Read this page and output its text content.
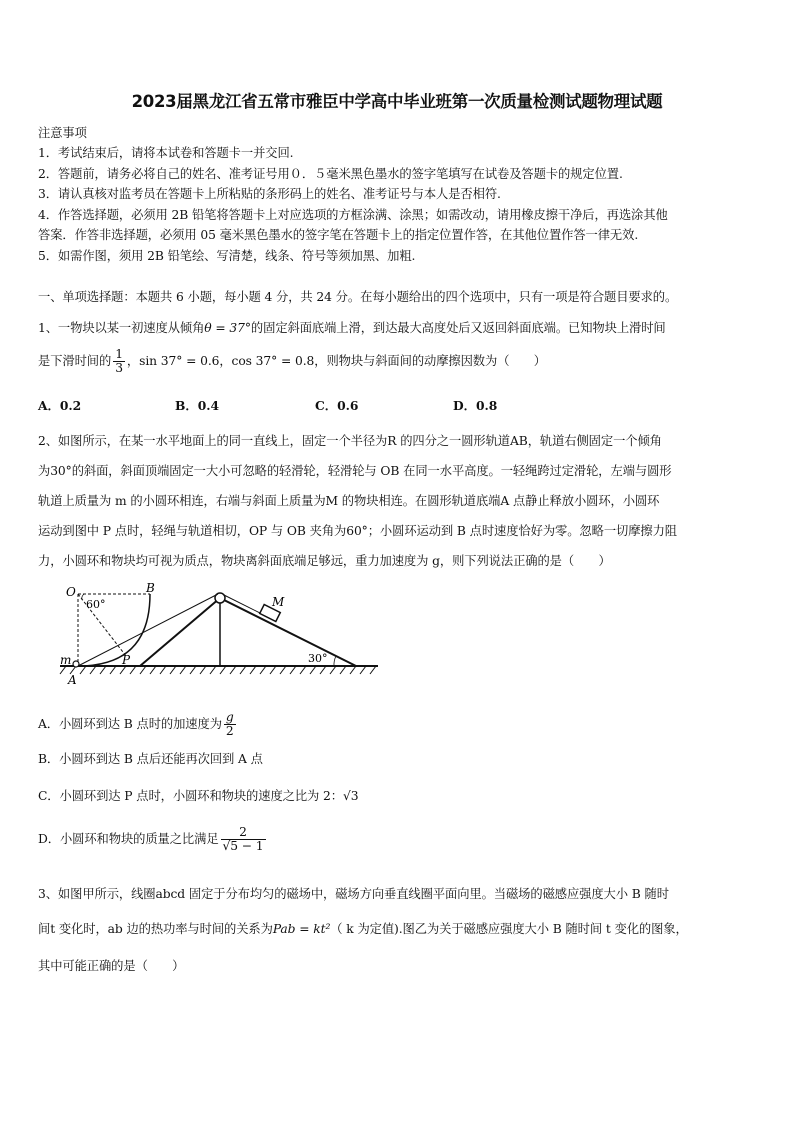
2023届黑龙江省五常市雅臣中学高中毕业班第一次质量检测试题物理试题
注意事项
1．考试结束后，请将本试卷和答题卡一并交回.
2．答题前，请务必将自己的姓名、准考证号用０．５毫米黑色墨水的签字笔填写在试卷及答题卡的规定位置.
3．请认真核对监考员在答题卡上所粘贴的条形码上的姓名、准考证号与本人是否相符.
4．作答选择题，必须用 2B 铅笔将答题卡上对应选项的方框涂满、涂黑；如需改动，请用橡皮擦干净后，再选涂其他
答案．作答非选择题，必须用 05 毫米黑色墨水的签字笔在答题卡上的指定位置作答，在其他位置作答一律无效.
5．如需作图，须用 2B 铅笔绘、写清楚，线条、符号等须加黑、加粗.
一、单项选择题：本题共 6 小题，每小题 4 分，共 24 分。在每小题给出的四个选项中，只有一项是符合题目要求的。
1、一物块以某一初速度从倾角θ = 37°的固定斜面底端上滑，到达最大高度处后又返回斜面底端。已知物块上滑时间
是下滑时间的 $\frac{1}{3}$ ，sin 37° = 0.6，cos 37° = 0.8，则物块与斜面间的动摩擦因数为（　　）
A．0.2	B．0.4	C．0.6	D．0.8
2、如图所示，在某一水平地面上的同一直线上，固定一个半径为R 的四分之一圆形轨道AB，轨道右侧固定一个倾角
为30°的斜面，斜面顶端固定一大小可忽略的轻滑轮，轻滑轮与 OB 在同一水平高度。一轻绳跨过定滑轮，左端与圆形
轨道上质量为 m 的小圆环相连，右端与斜面上质量为M 的物块相连。在圆形轨道底端A 点静止释放小圆环，小圆环
运动到图中 P 点时，轻绳与轨道相切，OP 与 OB 夹角为60°；小圆环运动到 B 点时速度恰好为零。忽略一切摩擦力阻
力，小圆环和物块均可视为质点，物块离斜面底端足够远，重力加速度为 g，则下列说法正确的是（　　）
O	B
60°	M
m	P
A
30°
A．小圆环到达 B 点时的加速度为 $\frac{g}{2}$
B．小圆环到达 B 点后还能再次回到 A 点
C．小圆环到达 P 点时，小圆环和物块的速度之比为 2：√3
D．小圆环和物块的质量之比满足 $\frac{2}{√5 - 1}$
3、如图甲所示，线圈abcd 固定于分布均匀的磁场中，磁场方向垂直线圈平面向里。当磁场的磁感应强度大小 B 随时
间t 变化时，ab 边的热功率与时间的关系为Pab = kt²（ k 为定值).图乙为关于磁感应强度大小 B 随时间 t 变化的图象，
其中可能正确的是（　　）
